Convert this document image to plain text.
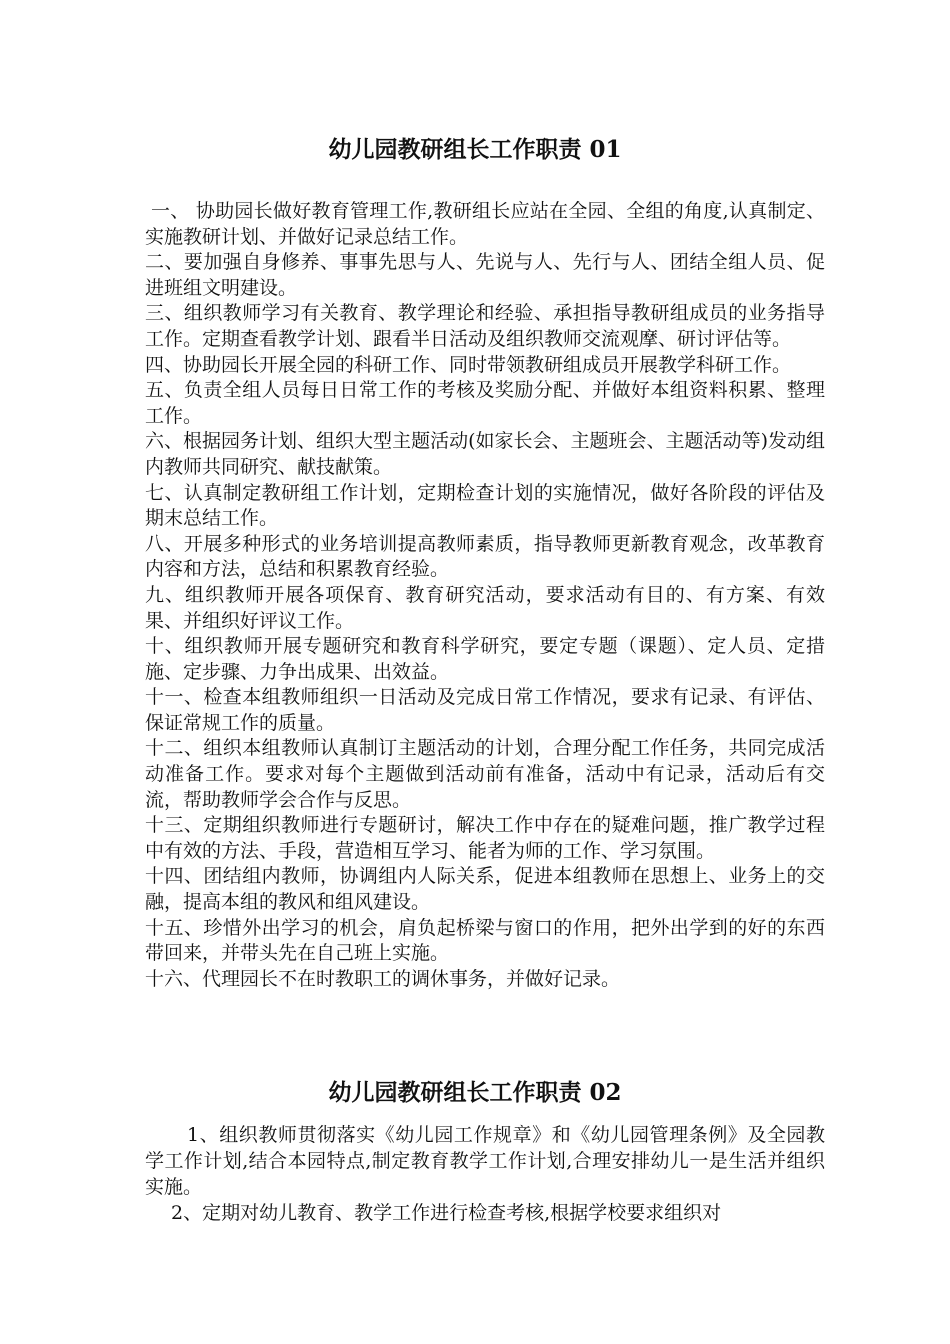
幼儿园教研组长工作职责 01

一、 协助园长做好教育管理工作,教研组长应站在全园、全组的角度,认真制定、实施教研计划、并做好记录总结工作。

二、要加强自身修养、事事先思与人、先说与人、先行与人、团结全组人员、促进班组文明建设。

三、组织教师学习有关教育、教学理论和经验、承担指导教研组成员的业务指导工作。定期查看教学计划、跟看半日活动及组织教师交流观摩、研讨评估等。

四、协助园长开展全园的科研工作、同时带领教研组成员开展教学科研工作。

五、负责全组人员每日日常工作的考核及奖励分配、并做好本组资料积累、整理工作。

六、根据园务计划、组织大型主题活动(如家长会、主题班会、主题活动等)发动组内教师共同研究、献技献策。

七、认真制定教研组工作计划，定期检查计划的实施情况，做好各阶段的评估及期末总结工作。

八、开展多种形式的业务培训提高教师素质，指导教师更新教育观念，改革教育内容和方法，总结和积累教育经验。

九、组织教师开展各项保育、教育研究活动，要求活动有目的、有方案、有效果、并组织好评议工作。

十、组织教师开展专题研究和教育科学研究，要定专题（课题）、定人员、定措施、定步骤、力争出成果、出效益。

十一、检查本组教师组织一日活动及完成日常工作情况，要求有记录、有评估、保证常规工作的质量。

十二、组织本组教师认真制订主题活动的计划，合理分配工作任务，共同完成活动准备工作。要求对每个主题做到活动前有准备，活动中有记录，活动后有交流，帮助教师学会合作与反思。

十三、定期组织教师进行专题研讨，解决工作中存在的疑难问题，推广教学过程中有效的方法、手段，营造相互学习、能者为师的工作、学习氛围。

十四、团结组内教师，协调组内人际关系，促进本组教师在思想上、业务上的交融，提高本组的教风和组风建设。

十五、珍惜外出学习的机会，肩负起桥梁与窗口的作用，把外出学到的好的东西带回来，并带头先在自己班上实施。

十六、代理园长不在时教职工的调休事务，并做好记录。

幼儿园教研组长工作职责 02

1、组织教师贯彻落实《幼儿园工作规章》和《幼儿园管理条例》及全园教学工作计划,结合本园特点,制定教育教学工作计划,合理安排幼儿一是生活并组织实施。

2、定期对幼儿教育、教学工作进行检查考核,根据学校要求组织对
